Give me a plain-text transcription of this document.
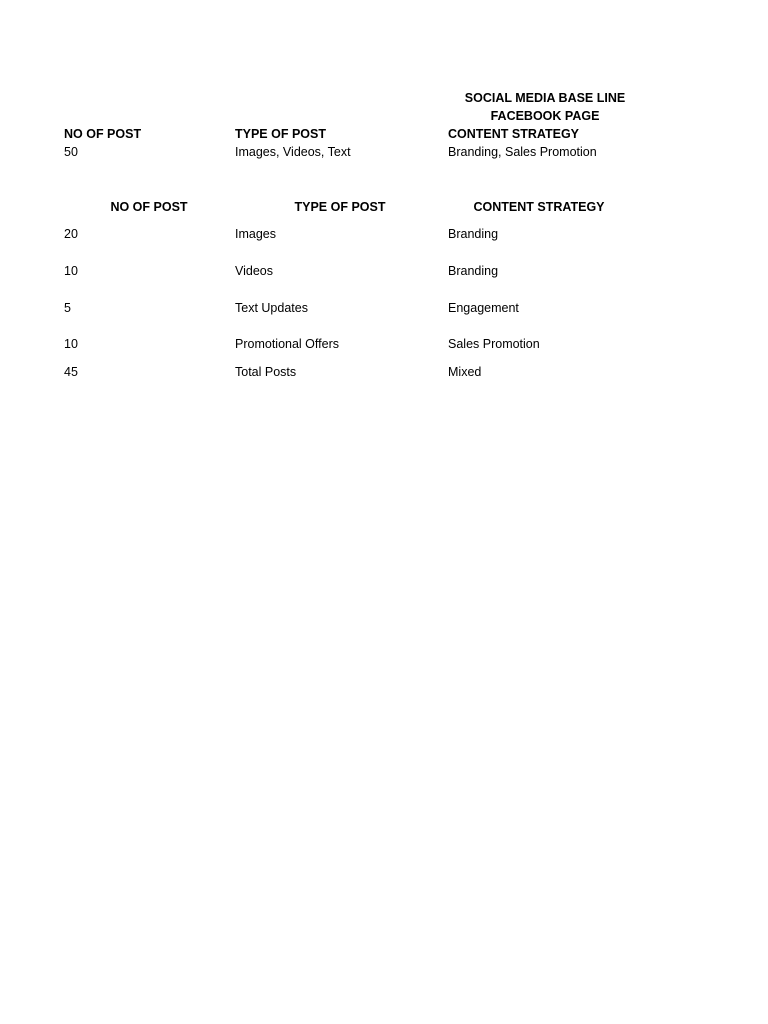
SOCIAL MEDIA BASE LINE
FACEBOOK PAGE
NO OF POST	TYPE OF POST	CONTENT STRATEGY
50	Images, Videos, Text	Branding, Sales Promotion
NO OF POST	TYPE OF POST	CONTENT STRATEGY
20	Images	Branding
10	Videos	Branding
5	Text Updates	Engagement
10	Promotional Offers	Sales Promotion
45	Total Posts	Mixed
